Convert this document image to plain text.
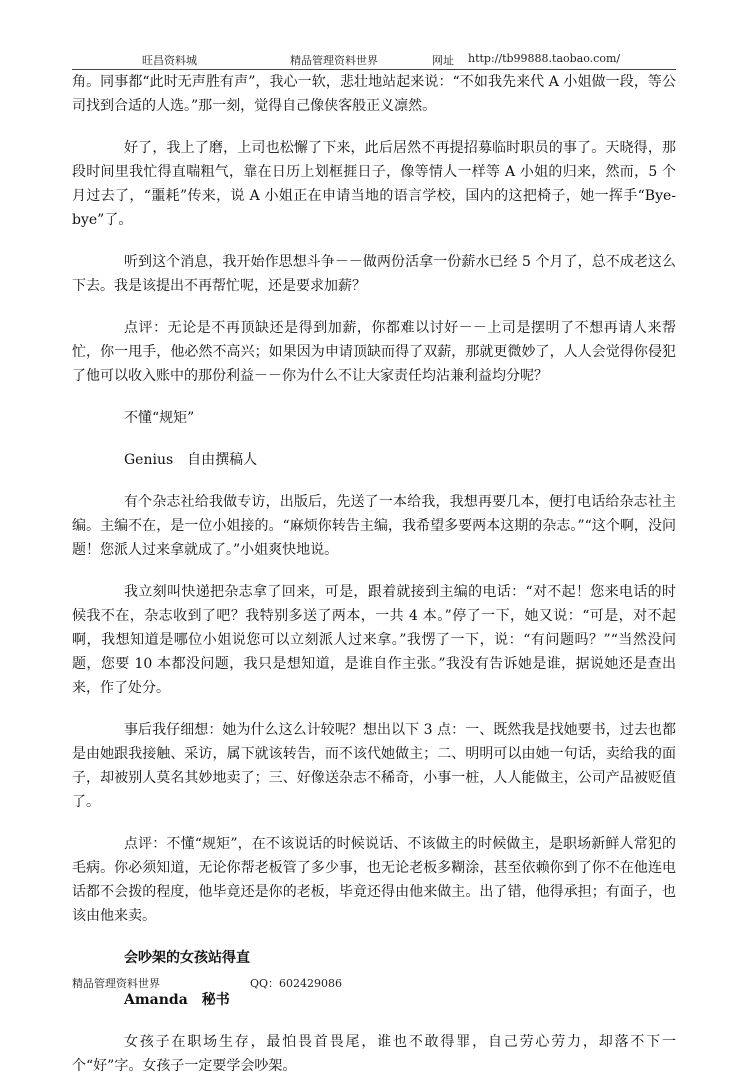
旺昌资料城	精品管理资料世界	网址 http://tb99888.taobao.com/

角。同事都“此时无声胜有声”，我心一软，悲壮地站起来说：“不如我先来代 A 小姐做一段，等公司找到合适的人选。”那一刻，觉得自己像侠客般正义凛然。

好了，我上了磨，上司也松懈了下来，此后居然不再提招募临时职员的事了。天晓得，那段时间里我忙得直喘粗气，靠在日历上划框捱日子，像等情人一样等 A 小姐的归来，然而，5 个月过去了，“噩耗”传来，说 A 小姐正在申请当地的语言学校，国内的这把椅子，她一挥手“Bye-bye”了。

听到这个消息，我开始作思想斗争－－做两份活拿一份薪水已经 5 个月了，总不成老这么下去。我是该提出不再帮忙呢，还是要求加薪？

点评：无论是不再顶缺还是得到加薪，你都难以讨好－－上司是摆明了不想再请人来帮忙，你一甩手，他必然不高兴；如果因为申请顶缺而得了双薪，那就更微妙了，人人会觉得你侵犯了他可以收入账中的那份利益－－你为什么不让大家责任均沾兼利益均分呢？

不懂“规矩”

Genius　自由撰稿人

有个杂志社给我做专访，出版后，先送了一本给我，我想再要几本，便打电话给杂志社主编。主编不在，是一位小姐接的。“麻烦你转告主编，我希望多要两本这期的杂志。”“这个啊，没问题！您派人过来拿就成了。”小姐爽快地说。

我立刻叫快递把杂志拿了回来，可是，跟着就接到主编的电话：“对不起！您来电话的时候我不在，杂志收到了吧？我特别多送了两本，一共 4 本。”停了一下，她又说：“可是，对不起啊，我想知道是哪位小姐说您可以立刻派人过来拿。”我愣了一下，说：“有问题吗？”“当然没问题，您要 10 本都没问题，我只是想知道，是谁自作主张。”我没有告诉她是谁，据说她还是查出来，作了处分。

事后我仔细想：她为什么这么计较呢？想出以下 3 点：一、既然我是找她要书，过去也都是由她跟我接触、采访，属下就该转告，而不该代她做主；二、明明可以由她一句话，卖给我的面子，却被别人莫名其妙地卖了；三、好像送杂志不稀奇，小事一桩，人人能做主，公司产品被贬值了。

点评：不懂“规矩”，在不该说话的时候说话、不该做主的时候做主，是职场新鲜人常犯的毛病。你必须知道，无论你帮老板管了多少事，也无论老板多糊涂，甚至依赖你到了你不在他连电话都不会拨的程度，他毕竟还是你的老板，毕竟还得由他来做主。出了错，他得承担；有面子，也该由他来卖。

会吵架的女孩站得直

Amanda　秘书

女孩子在职场生存，最怕畏首畏尾，谁也不敢得罪，自己劳心劳力，却落不下一个“好”字。女孩子一定要学会吵架。

精品管理资料世界	QQ：602429086
